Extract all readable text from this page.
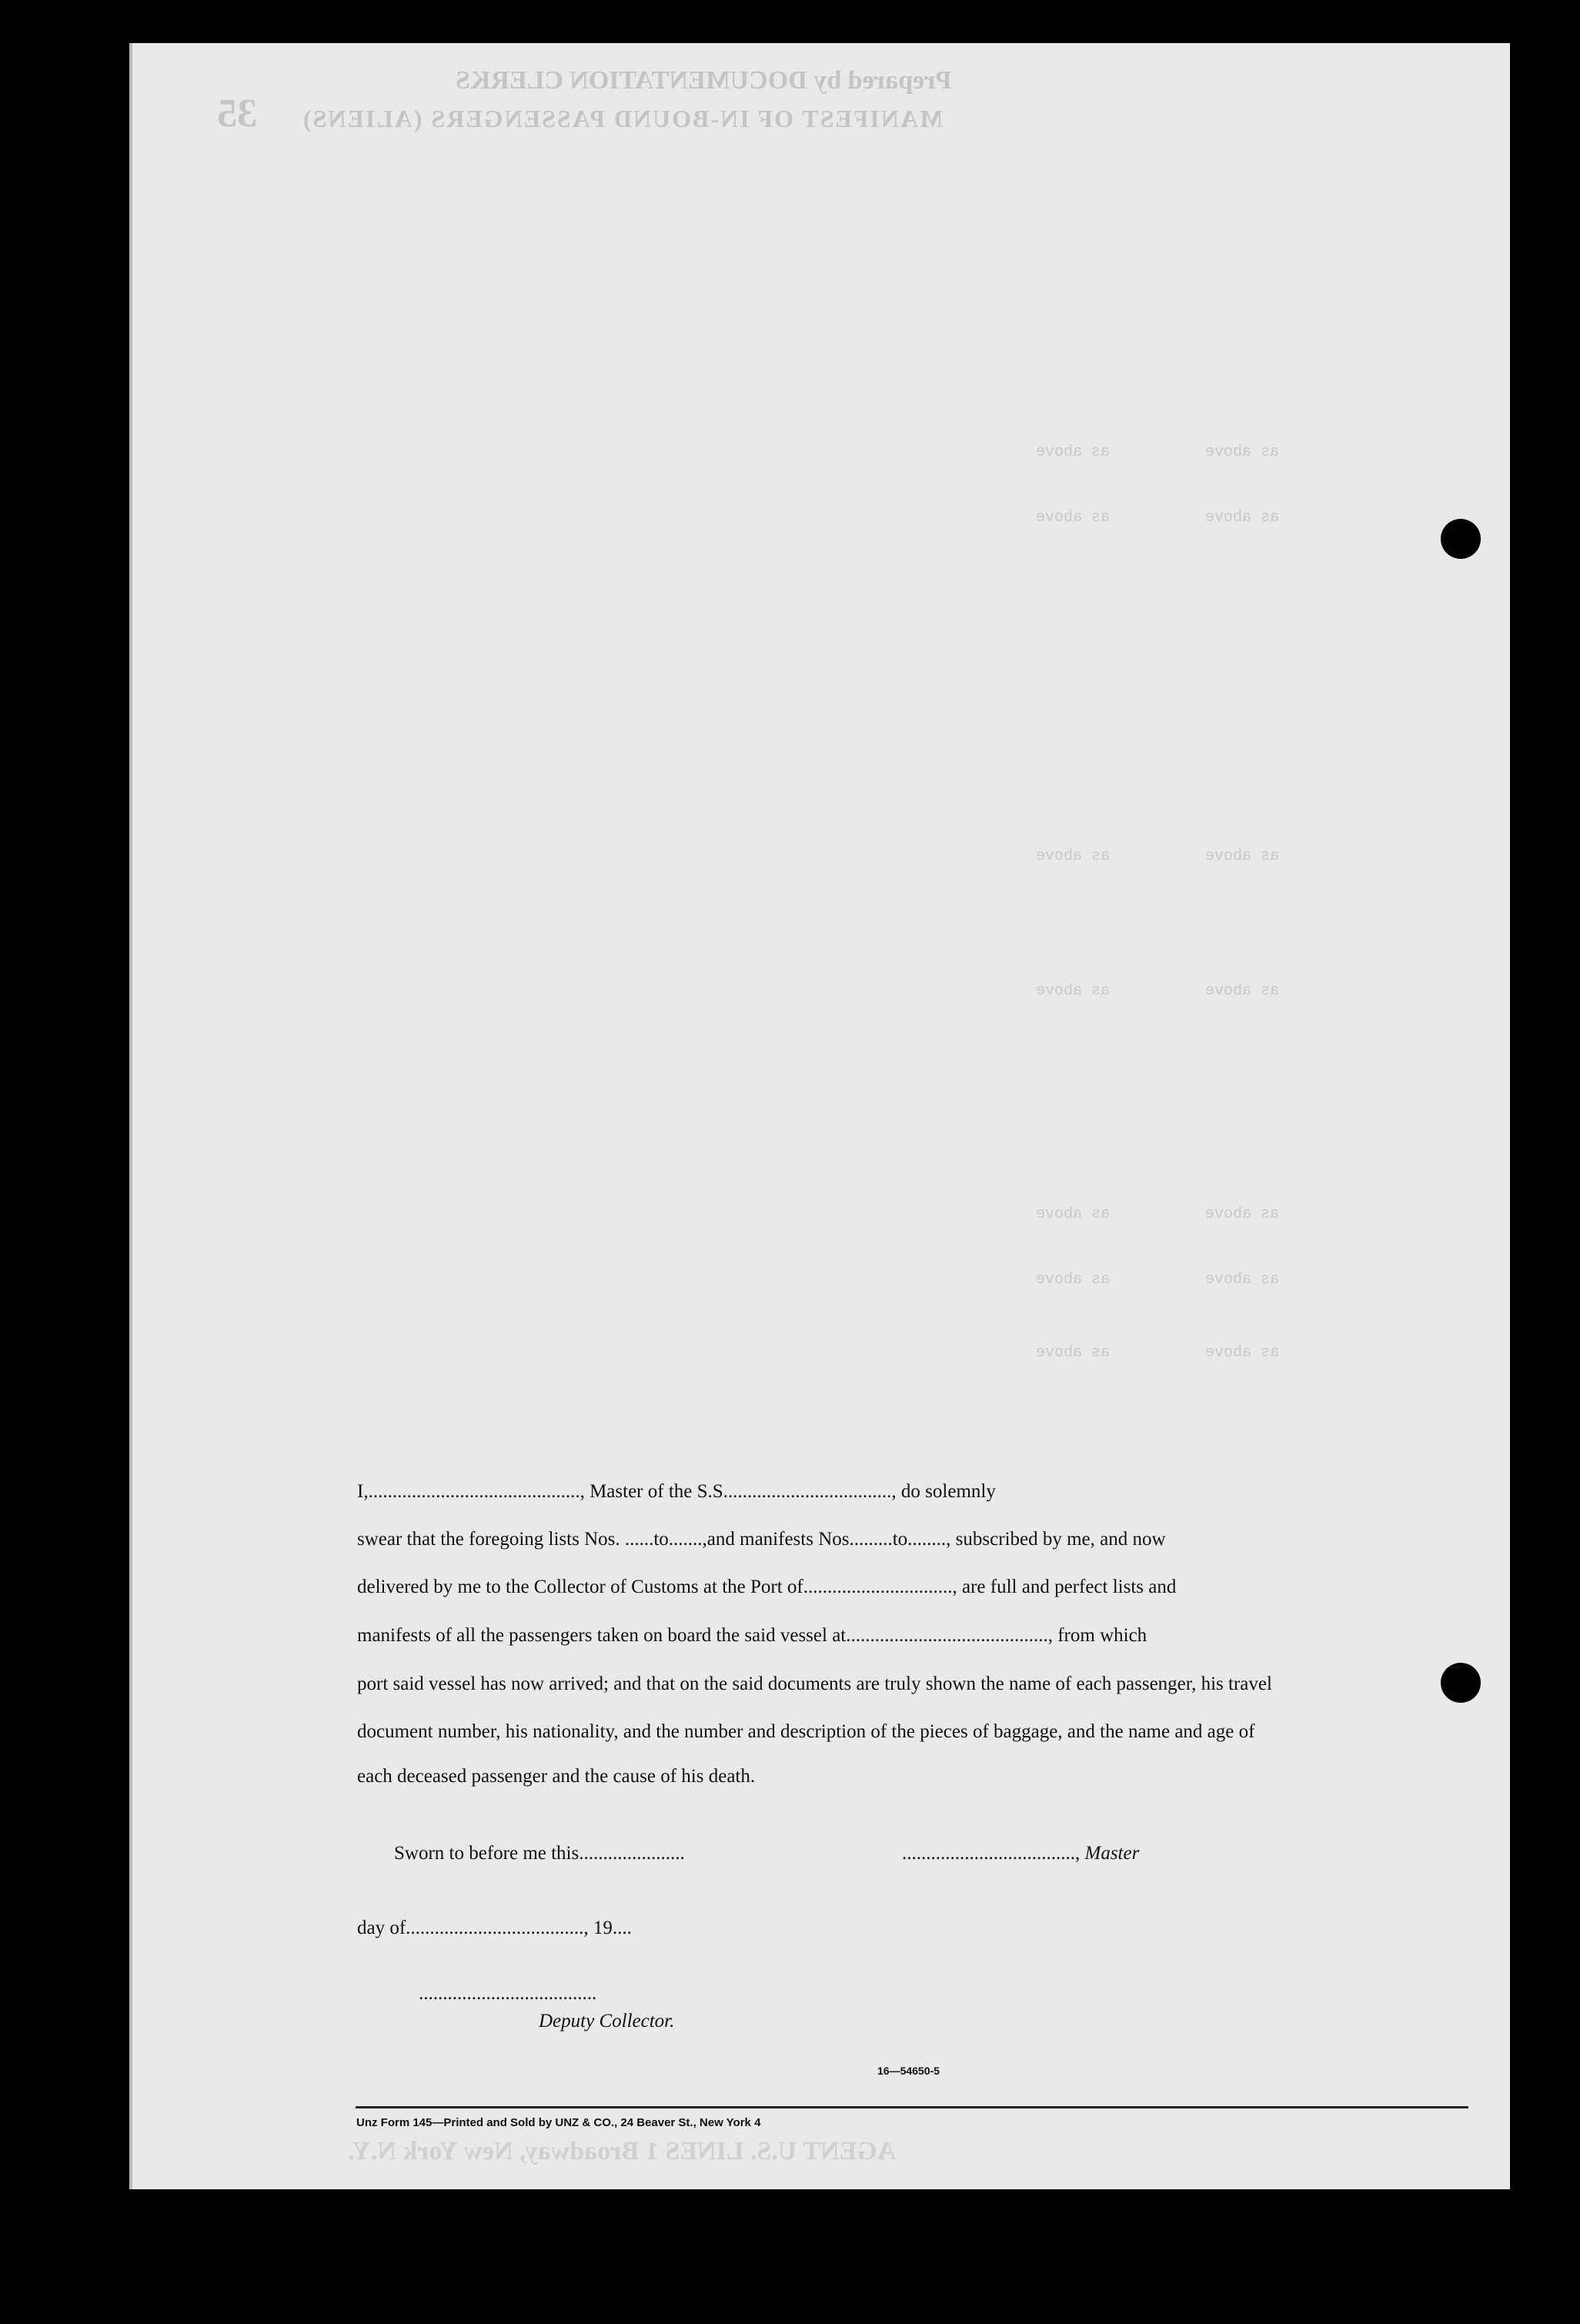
Prepared by DOCUMENTATION CLERKS
MANIFEST OF IN-BOUND PASSENGERS (ALIENS)
35
as above
as above
as above
as above
as above
as above
as above
as above
as above
as above
as above
as above
as above
as above
AGENT U.S. LINES 1 Broadway, New York N.Y.
I,............................................, Master of the S.S..................................., do solemnly
swear that the foregoing lists Nos. ......to.......,and manifests Nos.........to........, subscribed by me, and now
delivered by me to the Collector of Customs at the Port of..............................., are full and perfect lists and
manifests of all the passengers taken on board the said vessel at.........................................., from which
port said vessel has now arrived; and that on the said documents are truly shown the name of each passenger, his travel
document number, his nationality, and the number and description of the pieces of baggage, and the name and age of
each deceased passenger and the cause of his death.
Sworn to before me this......................	...................................., Master
day of....................................., 19....
.....................................
Deputy Collector.
16—54650-5
Unz Form 145—Printed and Sold by UNZ & CO., 24 Beaver St., New York 4
